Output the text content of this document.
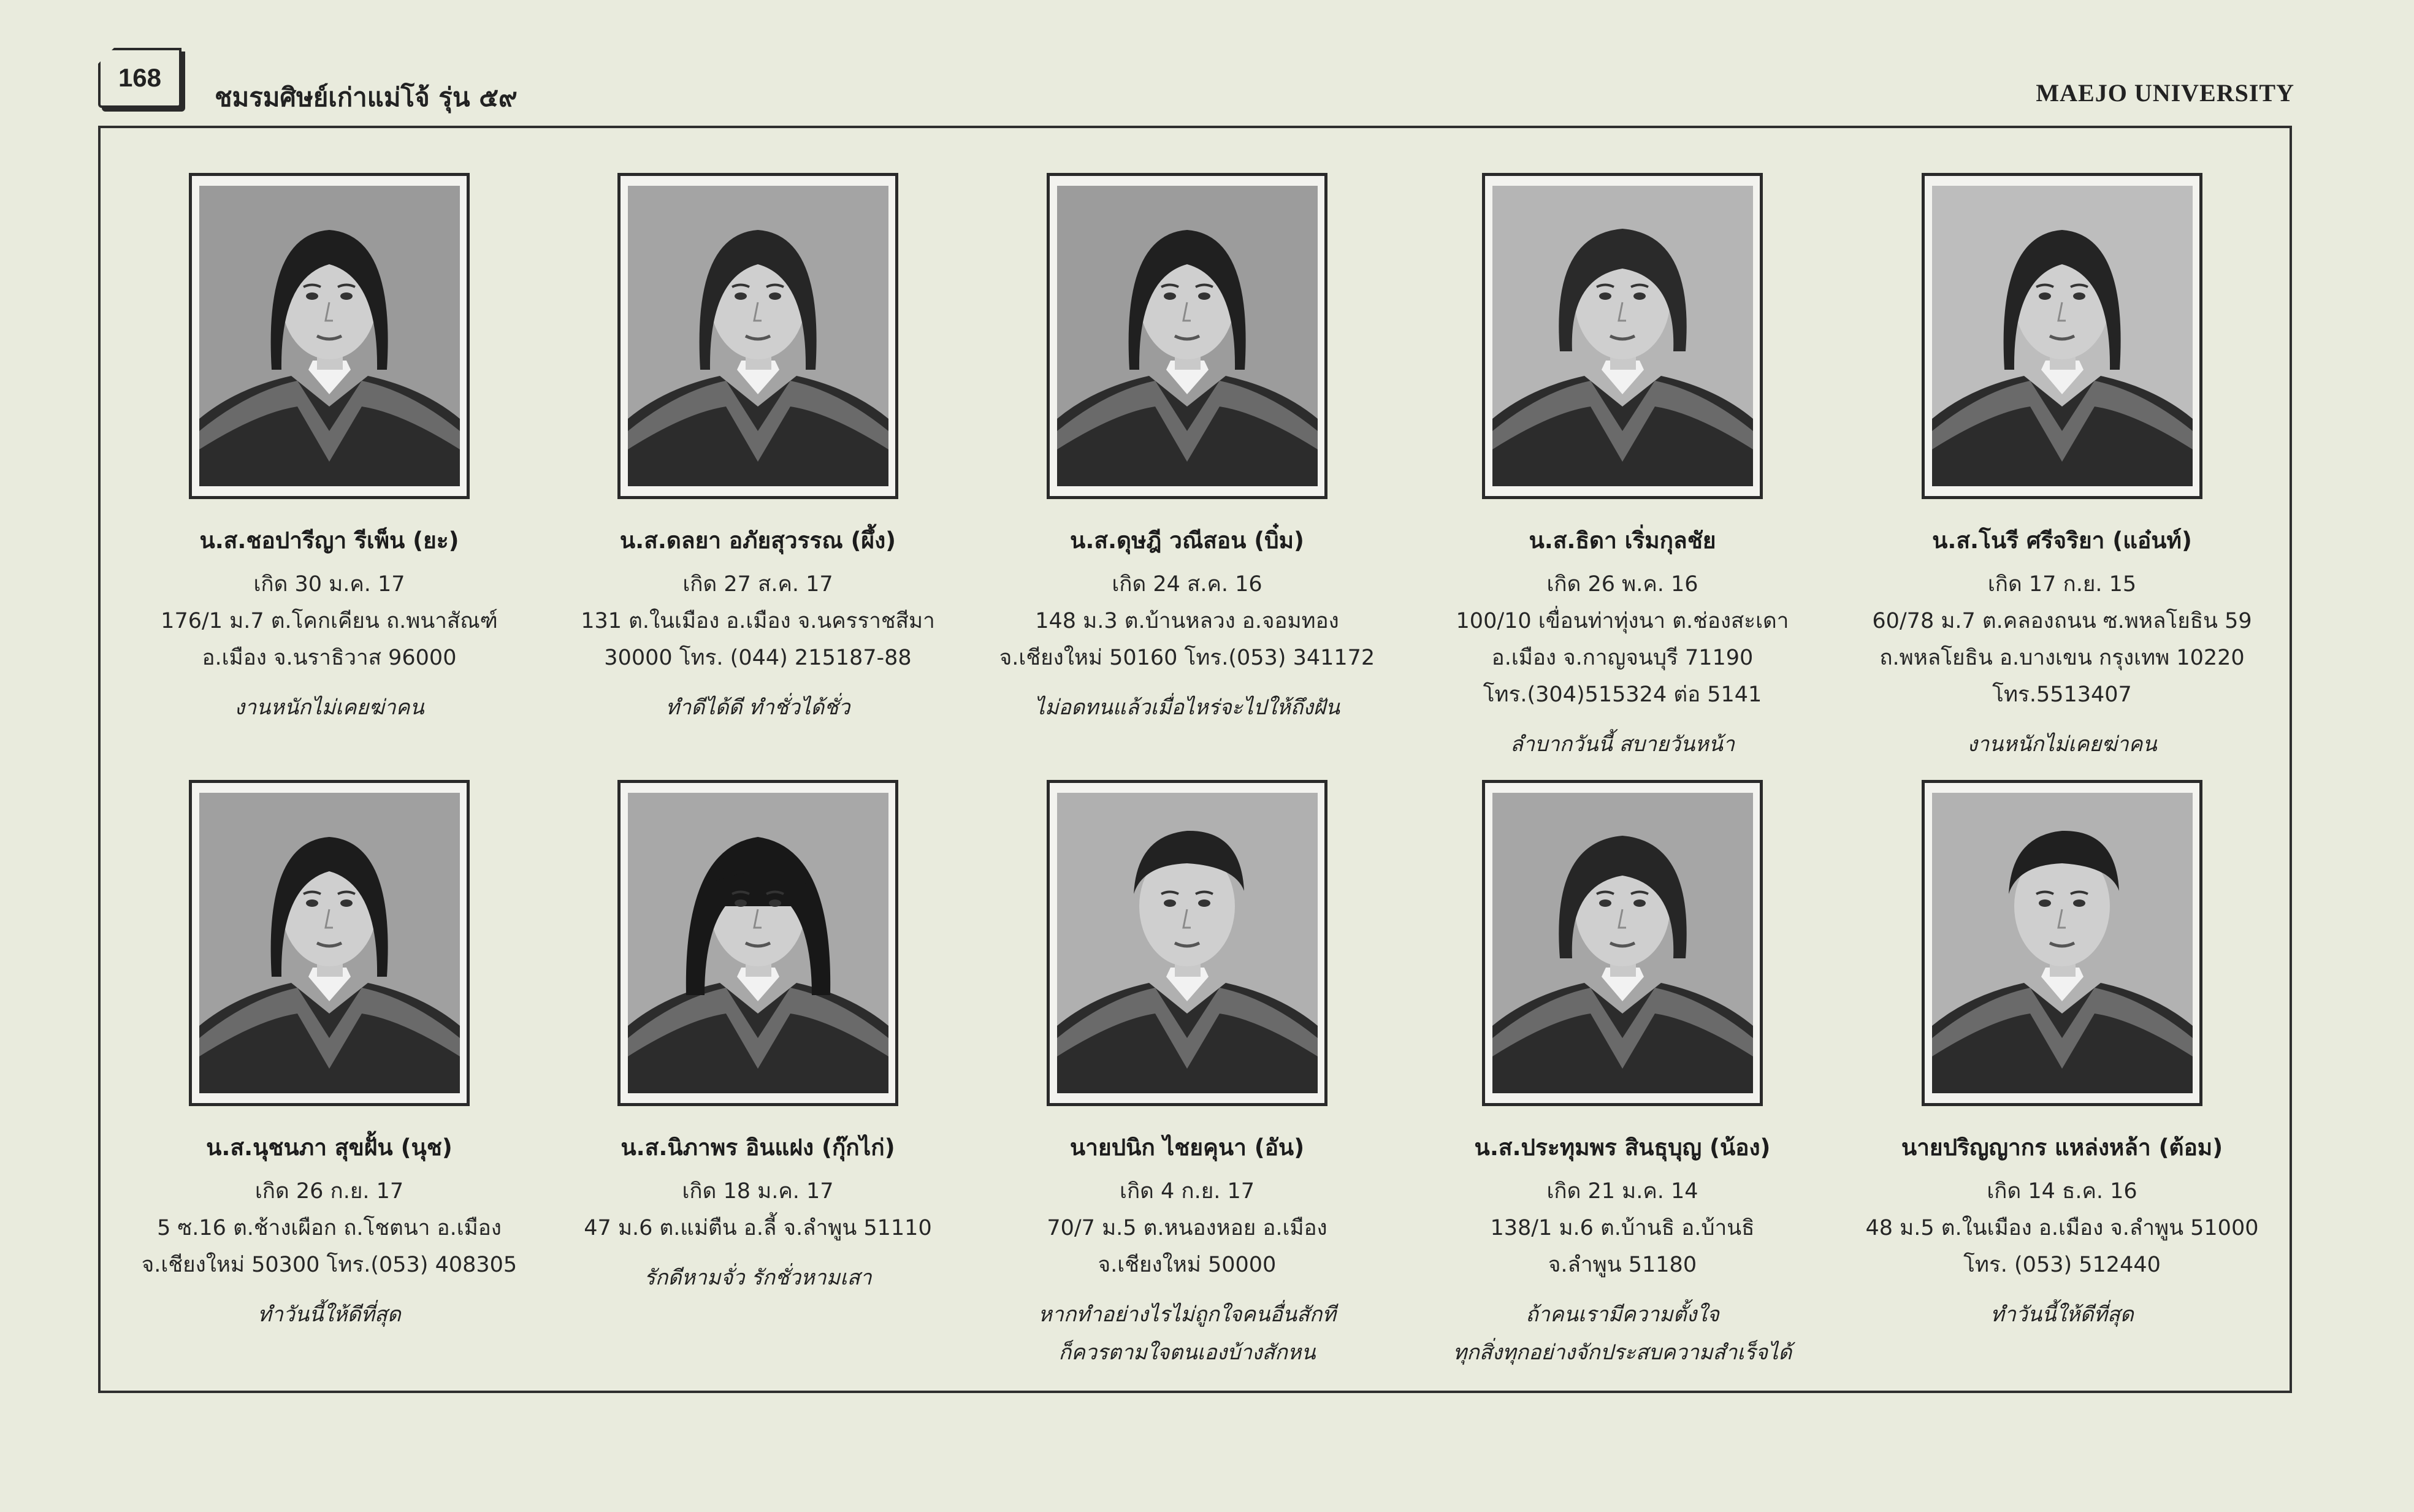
168
ชมรมศิษย์เก่าแม่โจ้ รุ่น ๕๙	MAEJO UNIVERSITY
น.ส.ชอปารีญา รีเพ็น (ยะ)
เกิด 30 ม.ค. 17
176/1 ม.7 ต.โคกเคียน ถ.พนาสัณฑ์
อ.เมือง จ.นราธิวาส 96000
งานหนักไม่เคยฆ่าคน
น.ส.ดลยา อภัยสุวรรณ (ผึ้ง)
เกิด 27 ส.ค. 17
131 ต.ในเมือง อ.เมือง จ.นครราชสีมา
30000 โทร. (044) 215187-88
ทำดีได้ดี ทำชั่วได้ชั่ว
น.ส.ดุษฎี วณีสอน (บิ๋ม)
เกิด 24 ส.ค. 16
148 ม.3 ต.บ้านหลวง อ.จอมทอง
จ.เชียงใหม่ 50160 โทร.(053) 341172
ไม่อดทนแล้วเมื่อไหร่จะไปให้ถึงฝัน
น.ส.ธิดา เริ่มกุลชัย
เกิด 26 พ.ค. 16
100/10 เขื่อนท่าทุ่งนา ต.ช่องสะเดา
อ.เมือง จ.กาญจนบุรี 71190
โทร.(304)515324 ต่อ 5141
ลำบากวันนี้ สบายวันหน้า
น.ส.โนรี ศรีจริยา (แอ๋นท์)
เกิด 17 ก.ย. 15
60/78 ม.7 ต.คลองถนน ซ.พหลโยธิน 59
ถ.พหลโยธิน อ.บางเขน กรุงเทพ 10220
โทร.5513407
งานหนักไม่เคยฆ่าคน
น.ส.นุชนภา สุขฝั้น (นุช)
เกิด 26 ก.ย. 17
5 ซ.16 ต.ช้างเผือก ถ.โชตนา อ.เมือง
จ.เชียงใหม่ 50300 โทร.(053) 408305
ทำวันนี้ให้ดีที่สุด
น.ส.นิภาพร อินแฝง (กุ๊กไก่)
เกิด 18 ม.ค. 17
47 ม.6 ต.แม่ตืน อ.ลี้ จ.ลำพูน 51110
รักดีหามจั่ว รักชั่วหามเสา
นายปนิก ไชยคุนา (อัน)
เกิด 4 ก.ย. 17
70/7 ม.5 ต.หนองหอย อ.เมือง
จ.เชียงใหม่ 50000
หากทำอย่างไรไม่ถูกใจคนอื่นสักที
ก็ควรตามใจตนเองบ้างสักหน
น.ส.ประทุมพร สินธุบุญ (น้อง)
เกิด 21 ม.ค. 14
138/1 ม.6 ต.บ้านธิ อ.บ้านธิ
จ.ลำพูน 51180
ถ้าคนเรามีความตั้งใจ
ทุกสิ่งทุกอย่างจักประสบความสำเร็จได้
นายปริญญากร แหล่งหล้า (ต้อม)
เกิด 14 ธ.ค. 16
48 ม.5 ต.ในเมือง อ.เมือง จ.ลำพูน 51000
โทร. (053) 512440
ทำวันนี้ให้ดีที่สุด
